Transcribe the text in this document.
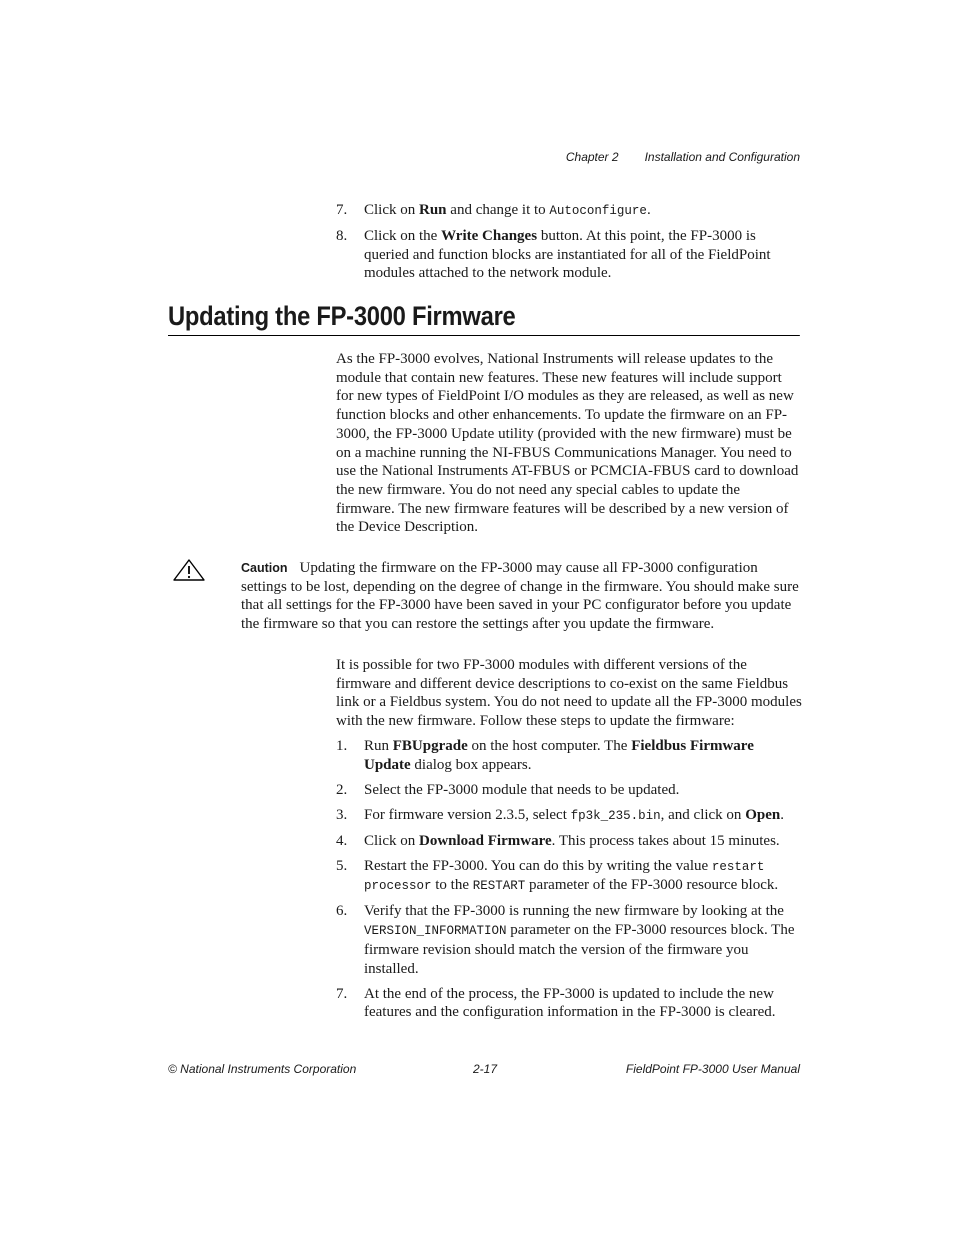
Chapter 2 Installation and Configuration
7. Click on Run and change it to Autoconfigure.
8. Click on the Write Changes button. At this point, the FP-3000 is queried and function blocks are instantiated for all of the FieldPoint modules attached to the network module.
Updating the FP-3000 Firmware

As the FP-3000 evolves, National Instruments will release updates to the module that contain new features. These new features will include support for new types of FieldPoint I/O modules as they are released, as well as new function blocks and other enhancements. To update the firmware on an FP-3000, the FP-3000 Update utility (provided with the new firmware) must be on a machine running the NI-FBUS Communications Manager. You need to use the National Instruments AT-FBUS or PCMCIA-FBUS card to download the new firmware. You do not need any special cables to update the firmware. The new firmware features will be described by a new version of the Device Description.

Caution Updating the firmware on the FP-3000 may cause all FP-3000 configuration settings to be lost, depending on the degree of change in the firmware. You should make sure that all settings for the FP-3000 have been saved in your PC configurator before you update the firmware so that you can restore the settings after you update the firmware.

It is possible for two FP-3000 modules with different versions of the firmware and different device descriptions to co-exist on the same Fieldbus link or a Fieldbus system. You do not need to update all the FP-3000 modules with the new firmware. Follow these steps to update the firmware:

1. Run FBUpgrade on the host computer. The Fieldbus Firmware Update dialog box appears.
2. Select the FP-3000 module that needs to be updated.
3. For firmware version 2.3.5, select fp3k_235.bin, and click on Open.
4. Click on Download Firmware. This process takes about 15 minutes.
5. Restart the FP-3000. You can do this by writing the value restart processor to the RESTART parameter of the FP-3000 resource block.
6. Verify that the FP-3000 is running the new firmware by looking at the VERSION_INFORMATION parameter on the FP-3000 resources block. The firmware revision should match the version of the firmware you installed.
7. At the end of the process, the FP-3000 is updated to include the new features and the configuration information in the FP-3000 is cleared.
© National Instruments Corporation	2-17	FieldPoint FP-3000 User Manual
